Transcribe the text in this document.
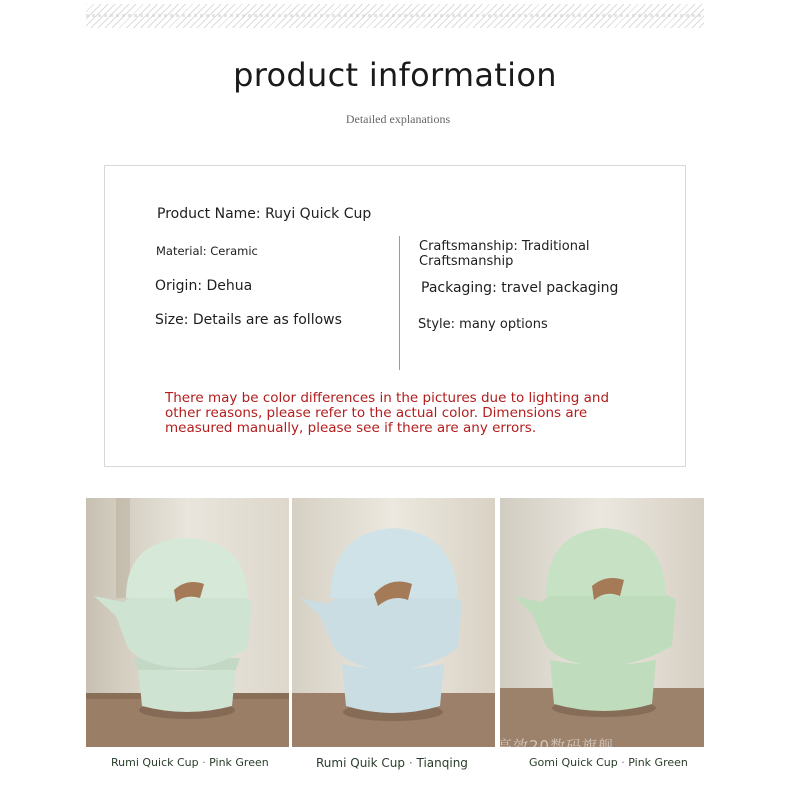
product information
Detailed explanations
Product Name: Ruyi Quick Cup
Material: Ceramic
Origin: Dehua
Size: Details are as follows
Craftsmanship: Traditional Craftsmanship
Packaging: travel packaging
Style: many options
There may be color differences in the pictures due to lighting and other reasons, please refer to the actual color. Dimensions are measured manually, please see if there are any errors.
高效20数码旗舰
Rumi Quick Cup · Pink Green	Rumi Quik Cup · Tianqing	Gomi Quick Cup · Pink Green
